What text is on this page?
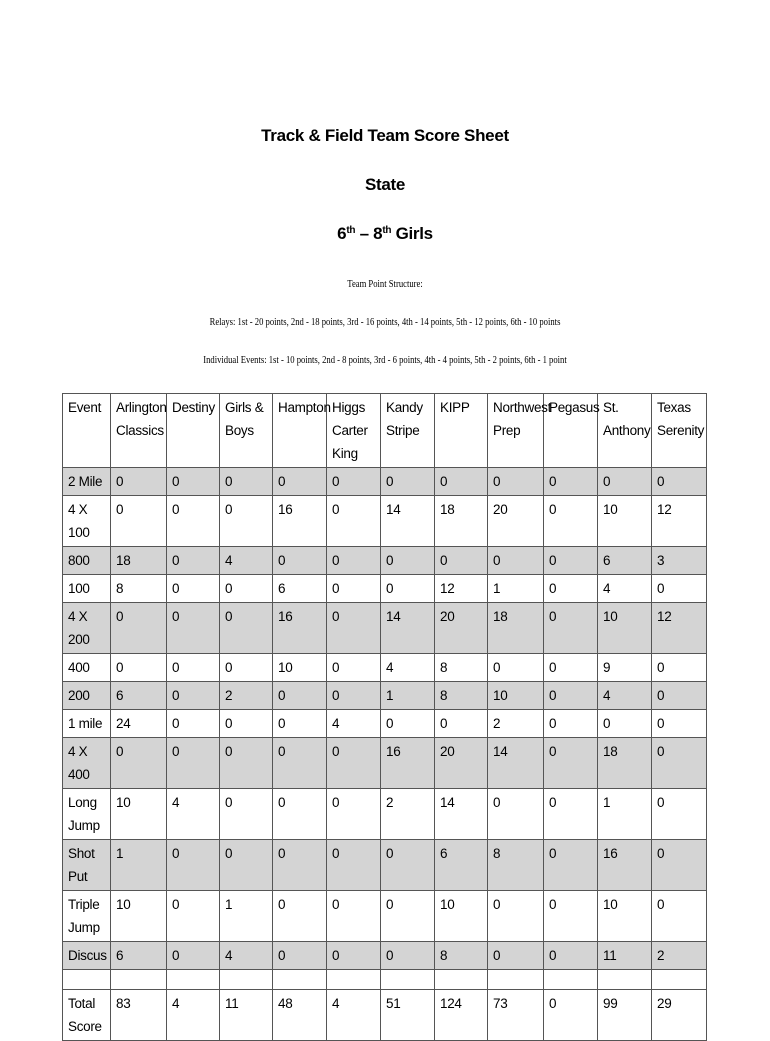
Track & Field Team Score Sheet
State
6th – 8th Girls

Team Point Structure:

Relays: 1st - 20 points, 2nd - 18 points, 3rd - 16 points, 4th - 14 points, 5th - 12 points, 6th - 10 points

Individual Events: 1st - 10 points, 2nd - 8 points, 3rd - 6 points, 4th - 4 points, 5th - 2 points, 6th - 1 point

Event	Arlington Classics	Destiny	Girls & Boys	Hampton	Higgs Carter King	Kandy Stripe	KIPP	Northwest Prep	Pegasus	St. Anthony	Texas Serenity
2 Mile	0	0	0	0	0	0	0	0	0	0	0
4 X 100	0	0	0	16	0	14	18	20	0	10	12
800	18	0	4	0	0	0	0	0	0	6	3
100	8	0	0	6	0	0	12	1	0	4	0
4 X 200	0	0	0	16	0	14	20	18	0	10	12
400	0	0	0	10	0	4	8	0	0	9	0
200	6	0	2	0	0	1	8	10	0	4	0
1 mile	24	0	0	0	4	0	0	2	0	0	0
4 X 400	0	0	0	0	0	16	20	14	0	18	0
Long Jump	10	4	0	0	0	2	14	0	0	1	0
Shot Put	1	0	0	0	0	0	6	8	0	16	0
Triple Jump	10	0	1	0	0	0	10	0	0	10	0
Discus	6	0	4	0	0	0	8	0	0	11	2

Total Score	83	4	11	48	4	51	124	73	0	99	29
